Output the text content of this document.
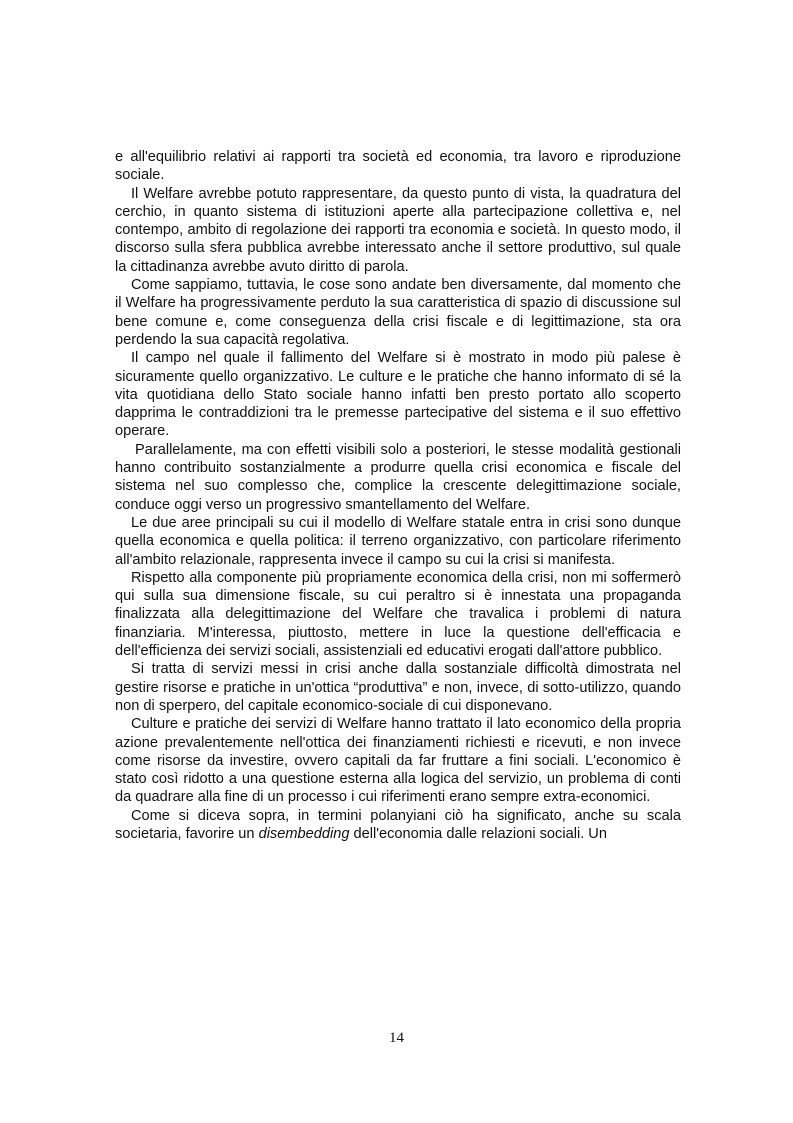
e all'equilibrio relativi ai rapporti tra società ed economia, tra lavoro e riproduzione sociale.

Il Welfare avrebbe potuto rappresentare, da questo punto di vista, la quadratura del cerchio, in quanto sistema di istituzioni aperte alla partecipazione collettiva e, nel contempo, ambito di regolazione dei rapporti tra economia e società. In questo modo, il discorso sulla sfera pubblica avrebbe interessato anche il settore produttivo, sul quale la cittadinanza avrebbe avuto diritto di parola.

Come sappiamo, tuttavia, le cose sono andate ben diversamente, dal momento che il Welfare ha progressivamente perduto la sua caratteristica di spazio di discussione sul bene comune e, come conseguenza della crisi fiscale e di legittimazione, sta ora perdendo la sua capacità regolativa.

Il campo nel quale il fallimento del Welfare si è mostrato in modo più palese è sicuramente quello organizzativo. Le culture e le pratiche che hanno informato di sé la vita quotidiana dello Stato sociale hanno infatti ben presto portato allo scoperto dapprima le contraddizioni tra le premesse partecipative del sistema e il suo effettivo operare.

Parallelamente, ma con effetti visibili solo a posteriori, le stesse modalità gestionali hanno contribuito sostanzialmente a produrre quella crisi economica e fiscale del sistema nel suo complesso che, complice la crescente delegittimazione sociale, conduce oggi verso un progressivo smantellamento del Welfare.

Le due aree principali su cui il modello di Welfare statale entra in crisi sono dunque quella economica e quella politica: il terreno organizzativo, con particolare riferimento all'ambito relazionale, rappresenta invece il campo su cui la crisi si manifesta.

Rispetto alla componente più propriamente economica della crisi, non mi soffermerò qui sulla sua dimensione fiscale, su cui peraltro si è innestata una propaganda finalizzata alla delegittimazione del Welfare che travalica i problemi di natura finanziaria. M'interessa, piuttosto, mettere in luce la questione dell'efficacia e dell'efficienza dei servizi sociali, assistenziali ed educativi erogati dall'attore pubblico.

Si tratta di servizi messi in crisi anche dalla sostanziale difficoltà dimostrata nel gestire risorse e pratiche in un'ottica “produttiva” e non, invece, di sotto-utilizzo, quando non di sperpero, del capitale economico-sociale di cui disponevano.

Culture e pratiche dei servizi di Welfare hanno trattato il lato economico della propria azione prevalentemente nell'ottica dei finanziamenti richiesti e ricevuti, e non invece come risorse da investire, ovvero capitali da far fruttare a fini sociali. L'economico è stato così ridotto a una questione esterna alla logica del servizio, un problema di conti da quadrare alla fine di un processo i cui riferimenti erano sempre extra-economici.

Come si diceva sopra, in termini polanyiani ciò ha significato, anche su scala societaria, favorire un disembedding dell'economia dalle relazioni sociali. Un

14
